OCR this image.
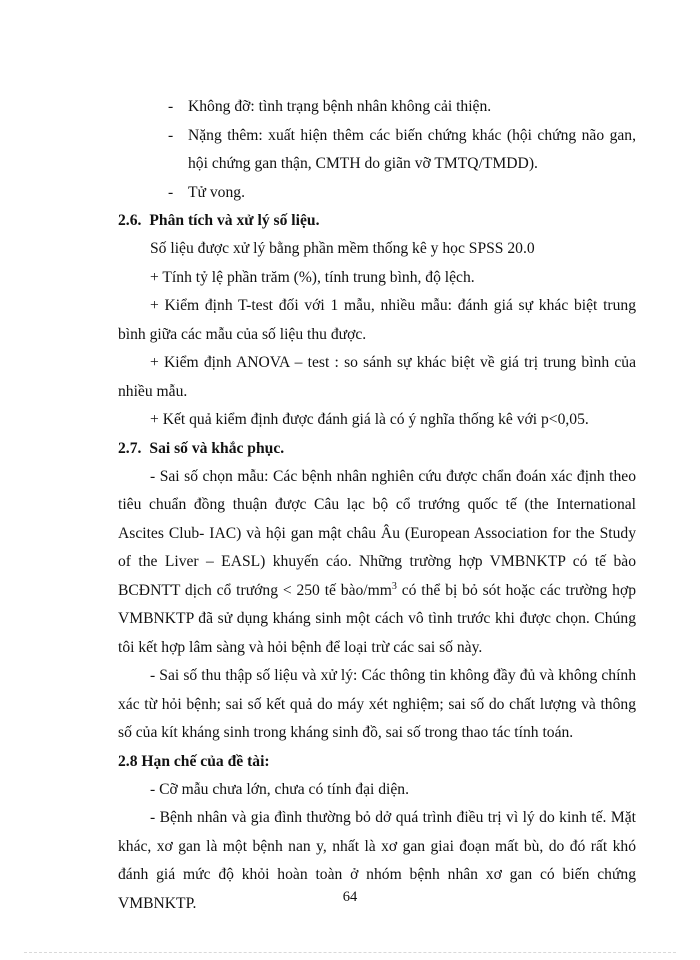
- Không đỡ: tình trạng bệnh nhân không cải thiện.
- Nặng thêm: xuất hiện thêm các biến chứng khác (hội chứng não gan, hội chứng gan thận, CMTH do giãn vỡ TMTQ/TMDD).
- Tử vong.

2.6. Phân tích và xử lý số liệu.

Số liệu được xử lý bằng phần mềm thống kê y học SPSS 20.0

+ Tính tỷ lệ phần trăm (%), tính trung bình, độ lệch.

+ Kiểm định T-test đối với 1 mẫu, nhiều mẫu: đánh giá sự khác biệt trung bình giữa các mẫu của số liệu thu được.

+ Kiểm định ANOVA – test : so sánh sự khác biệt về giá trị trung bình của nhiều mẫu.

+ Kết quả kiểm định được đánh giá là có ý nghĩa thống kê với p<0,05.

2.7. Sai số và khắc phục.

- Sai số chọn mẫu: Các bệnh nhân nghiên cứu được chẩn đoán xác định theo tiêu chuẩn đồng thuận được Câu lạc bộ cổ trướng quốc tế (the International Ascites Club- IAC) và hội gan mật châu Âu (European Association for the Study of the Liver – EASL) khuyến cáo. Những trường hợp VMBNKTP có tế bào BCĐNTT dịch cổ trướng < 250 tế bào/$mm^3$ có thể bị bỏ sót hoặc các trường hợp VMBNKTP đã sử dụng kháng sinh một cách vô tình trước khi được chọn. Chúng tôi kết hợp lâm sàng và hỏi bệnh để loại trừ các sai số này.

- Sai số thu thập số liệu và xử lý: Các thông tin không đầy đủ và không chính xác từ hỏi bệnh; sai số kết quả do máy xét nghiệm; sai số do chất lượng và thông số của kít kháng sinh trong kháng sinh đồ, sai số trong thao tác tính toán.

2.8 Hạn chế của đề tài:

- Cỡ mẫu chưa lớn, chưa có tính đại diện.

- Bệnh nhân và gia đình thường bỏ dở quá trình điều trị vì lý do kinh tế. Mặt khác, xơ gan là một bệnh nan y, nhất là xơ gan giai đoạn mất bù, do đó rất khó đánh giá mức độ khỏi hoàn toàn ở nhóm bệnh nhân xơ gan có biến chứng VMBNKTP.	64
